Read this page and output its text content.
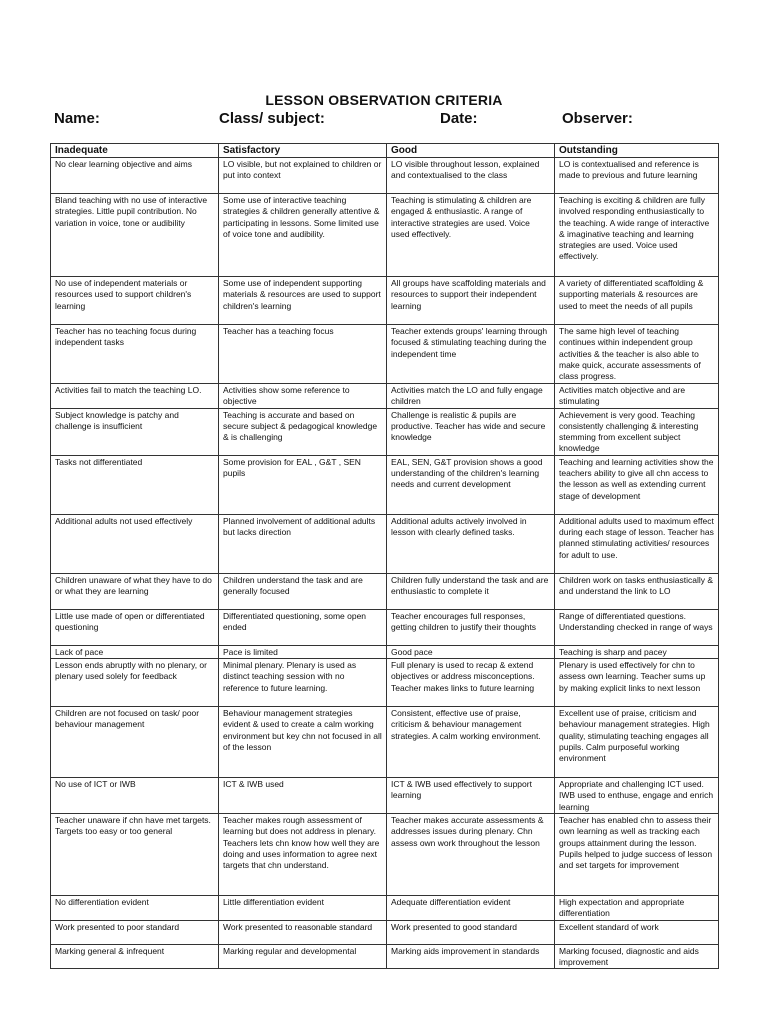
LESSON OBSERVATION CRITERIA
Name:	Class/ subject:	Date:	Observer:
Inadequate	Satisfactory	Good	Outstanding
No clear learning objective and aims	LO visible, but not explained to children or put into context	LO visible throughout lesson, explained and contextualised to the class	LO is contextualised and reference is made to previous and future learning
Bland teaching with no use of interactive strategies. Little pupil contribution. No variation in voice, tone or audibility	Some use of interactive teaching strategies & children generally attentive & participating in lessons. Some limited use of voice tone and audibility.	Teaching is stimulating & children are engaged & enthusiastic. A range of interactive strategies are used. Voice used effectively.	Teaching is exciting & children are fully involved responding enthusiastically to the teaching. A wide range of interactive & imaginative teaching and learning strategies are used. Voice used effectively.
No use of independent materials or resources used to support children's learning	Some use of independent supporting materials & resources are used to support children's learning	All groups have scaffolding materials and resources to support their independent learning	A variety of differentiated scaffolding & supporting materials & resources are used to meet the needs of all pupils
Teacher has no teaching focus during independent tasks	Teacher has a teaching focus	Teacher extends groups' learning through focused & stimulating teaching during the independent time	The same high level of teaching continues within independent group activities & the teacher is also able to make quick, accurate assessments of class progress.
Activities fail to match the teaching LO.	Activities show some reference to objective	Activities match the LO and fully engage children	Activities match objective and are stimulating
Subject knowledge is patchy and challenge is insufficient	Teaching is accurate and based on secure subject & pedagogical knowledge & is challenging	Challenge is realistic & pupils are productive. Teacher has wide and secure knowledge	Achievement is very good. Teaching consistently challenging & interesting stemming from excellent subject knowledge
Tasks not differentiated	Some provision for EAL , G&T , SEN pupils	EAL, SEN, G&T provision shows a good understanding of the children's learning needs and current development	Teaching and learning activities show the teachers ability to give all chn access to the lesson as well as extending current stage of development
Additional adults not used effectively	Planned involvement of additional adults but lacks direction	Additional adults actively involved in lesson with clearly defined tasks.	Additional adults used to maximum effect during each stage of lesson. Teacher has planned stimulating activities/ resources for adult to use.
Children unaware of what they have to do or what they are learning	Children understand the task and are generally focused	Children fully understand the task and are enthusiastic to complete it	Children work on tasks enthusiastically & and understand the link to LO
Little use made of open or differentiated questioning	Differentiated questioning, some open ended	Teacher encourages full responses, getting children to justify their thoughts	Range of differentiated questions. Understanding checked in range of ways
Lack of pace	Pace is limited	Good pace	Teaching is sharp and pacey
Lesson ends abruptly with no plenary, or plenary used solely for feedback	Minimal plenary. Plenary is used as distinct teaching session with no reference to future learning.	Full plenary is used to recap & extend objectives or address misconceptions. Teacher makes links to future learning	Plenary is used effectively for chn to assess own learning. Teacher sums up by making explicit links to next lesson
Children are not focused on task/ poor behaviour management	Behaviour management strategies evident & used to create a calm working environment but key chn not focused in all of the lesson	Consistent, effective use of praise, criticism & behaviour management strategies. A calm working environment.	Excellent use of praise, criticism and behaviour management strategies. High quality, stimulating teaching engages all pupils. Calm purposeful working environment
No use of ICT or IWB	ICT & IWB used	ICT & IWB used effectively to support learning	Appropriate and challenging ICT used. IWB used to enthuse, engage and enrich learning
Teacher unaware if chn have met targets. Targets too easy or too general	Teacher makes rough assessment of learning but does not address in plenary. Teachers lets chn know how well they are doing and uses information to agree next targets that chn understand.	Teacher makes accurate assessments & addresses issues during plenary. Chn assess own work throughout the lesson	Teacher has enabled chn to assess their own learning as well as tracking each groups attainment during the lesson. Pupils helped to judge success of lesson and set targets for improvement
No differentiation evident	Little differentiation evident	Adequate differentiation evident	High expectation and appropriate differentiation
Work presented to poor standard	Work presented to reasonable standard	Work presented to good standard	Excellent standard of work
Marking general & infrequent	Marking regular and developmental	Marking aids improvement in standards	Marking focused, diagnostic and aids improvement
